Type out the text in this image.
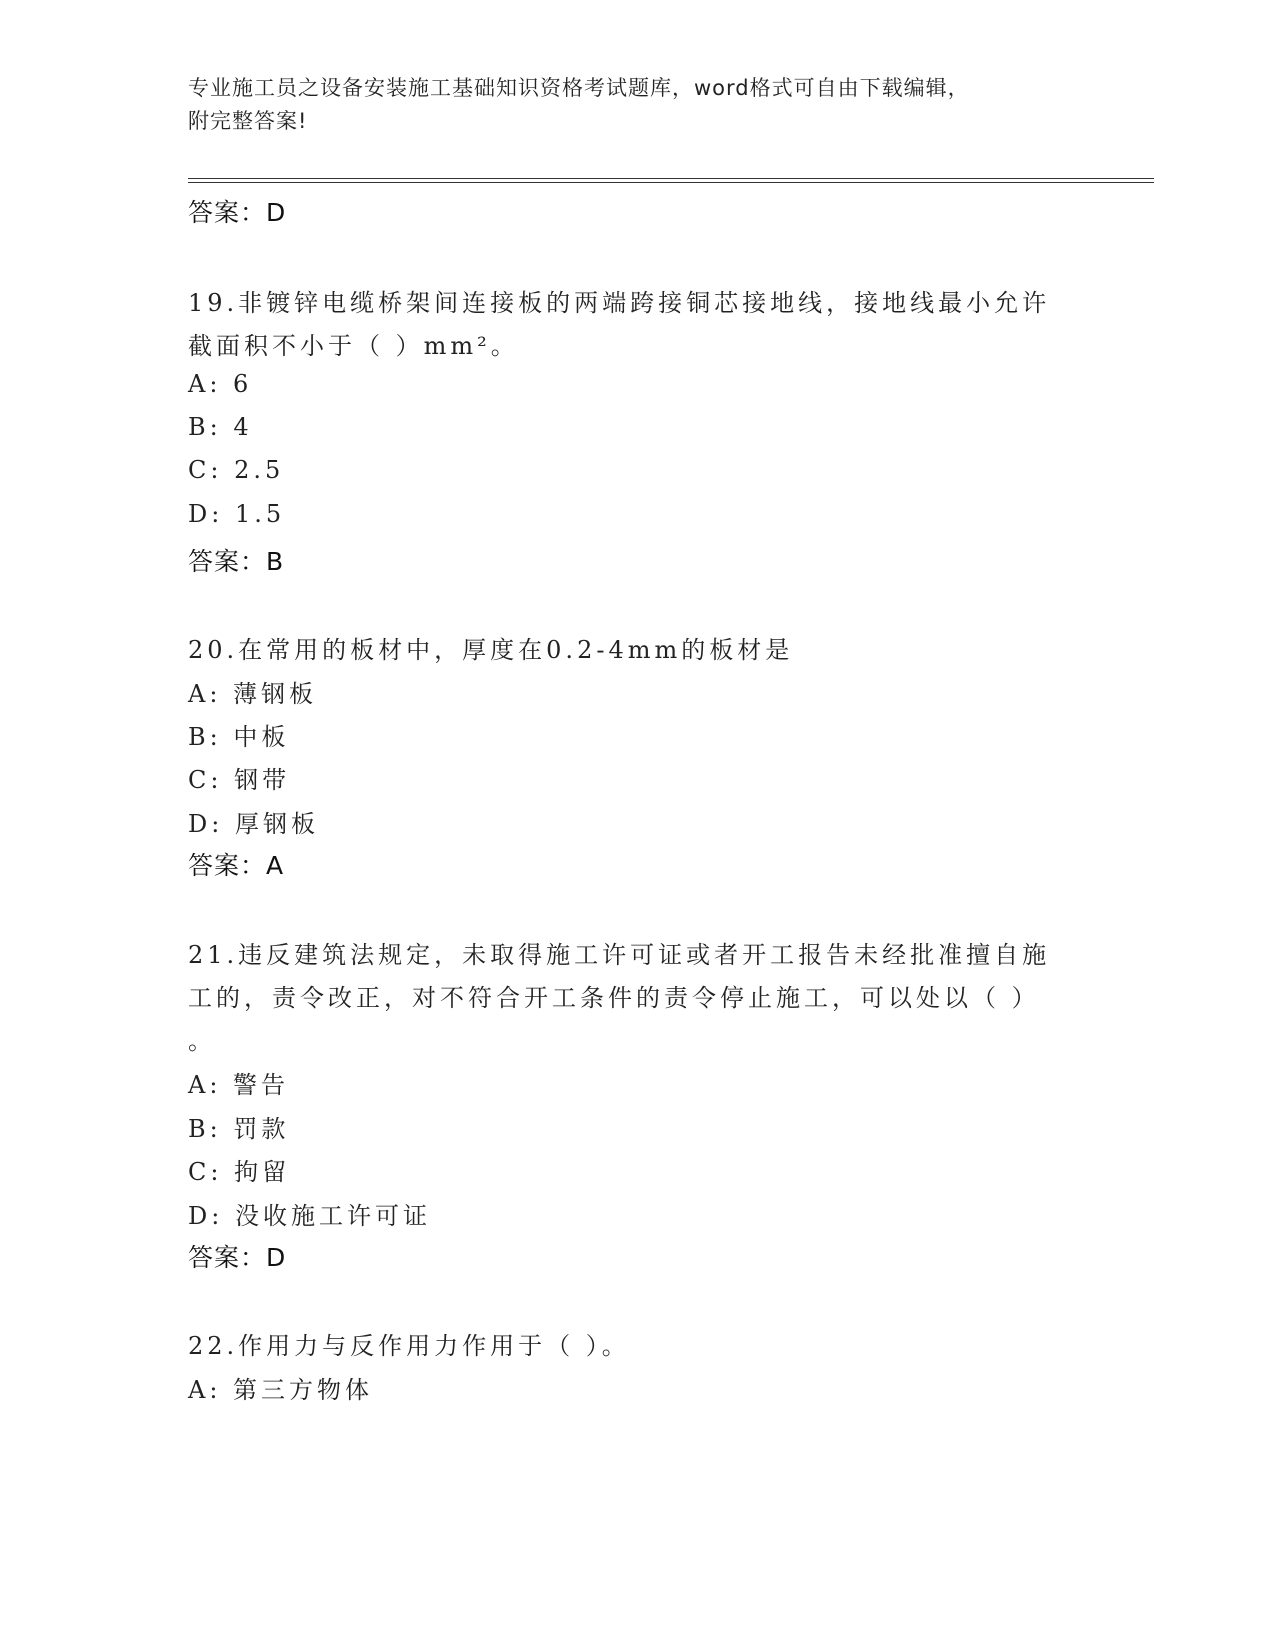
专业施工员之设备安装施工基础知识资格考试题库，word格式可自由下载编辑，
附完整答案!
答案：D
19.非镀锌电缆桥架间连接板的两端跨接铜芯接地线，接地线最小允许
截面积不小于（ ）mm²。
A: 6
B: 4
C: 2.5
D: 1.5
答案：B
20.在常用的板材中，厚度在0.2-4mm的板材是
A: 薄钢板
B: 中板
C: 钢带
D: 厚钢板
答案：A
21.违反建筑法规定，未取得施工许可证或者开工报告未经批准擅自施
工的，责令改正，对不符合开工条件的责令停止施工，可以处以（ ）
。
A: 警告
B: 罚款
C: 拘留
D: 没收施工许可证
答案：D
22.作用力与反作用力作用于（ ）。
A: 第三方物体
